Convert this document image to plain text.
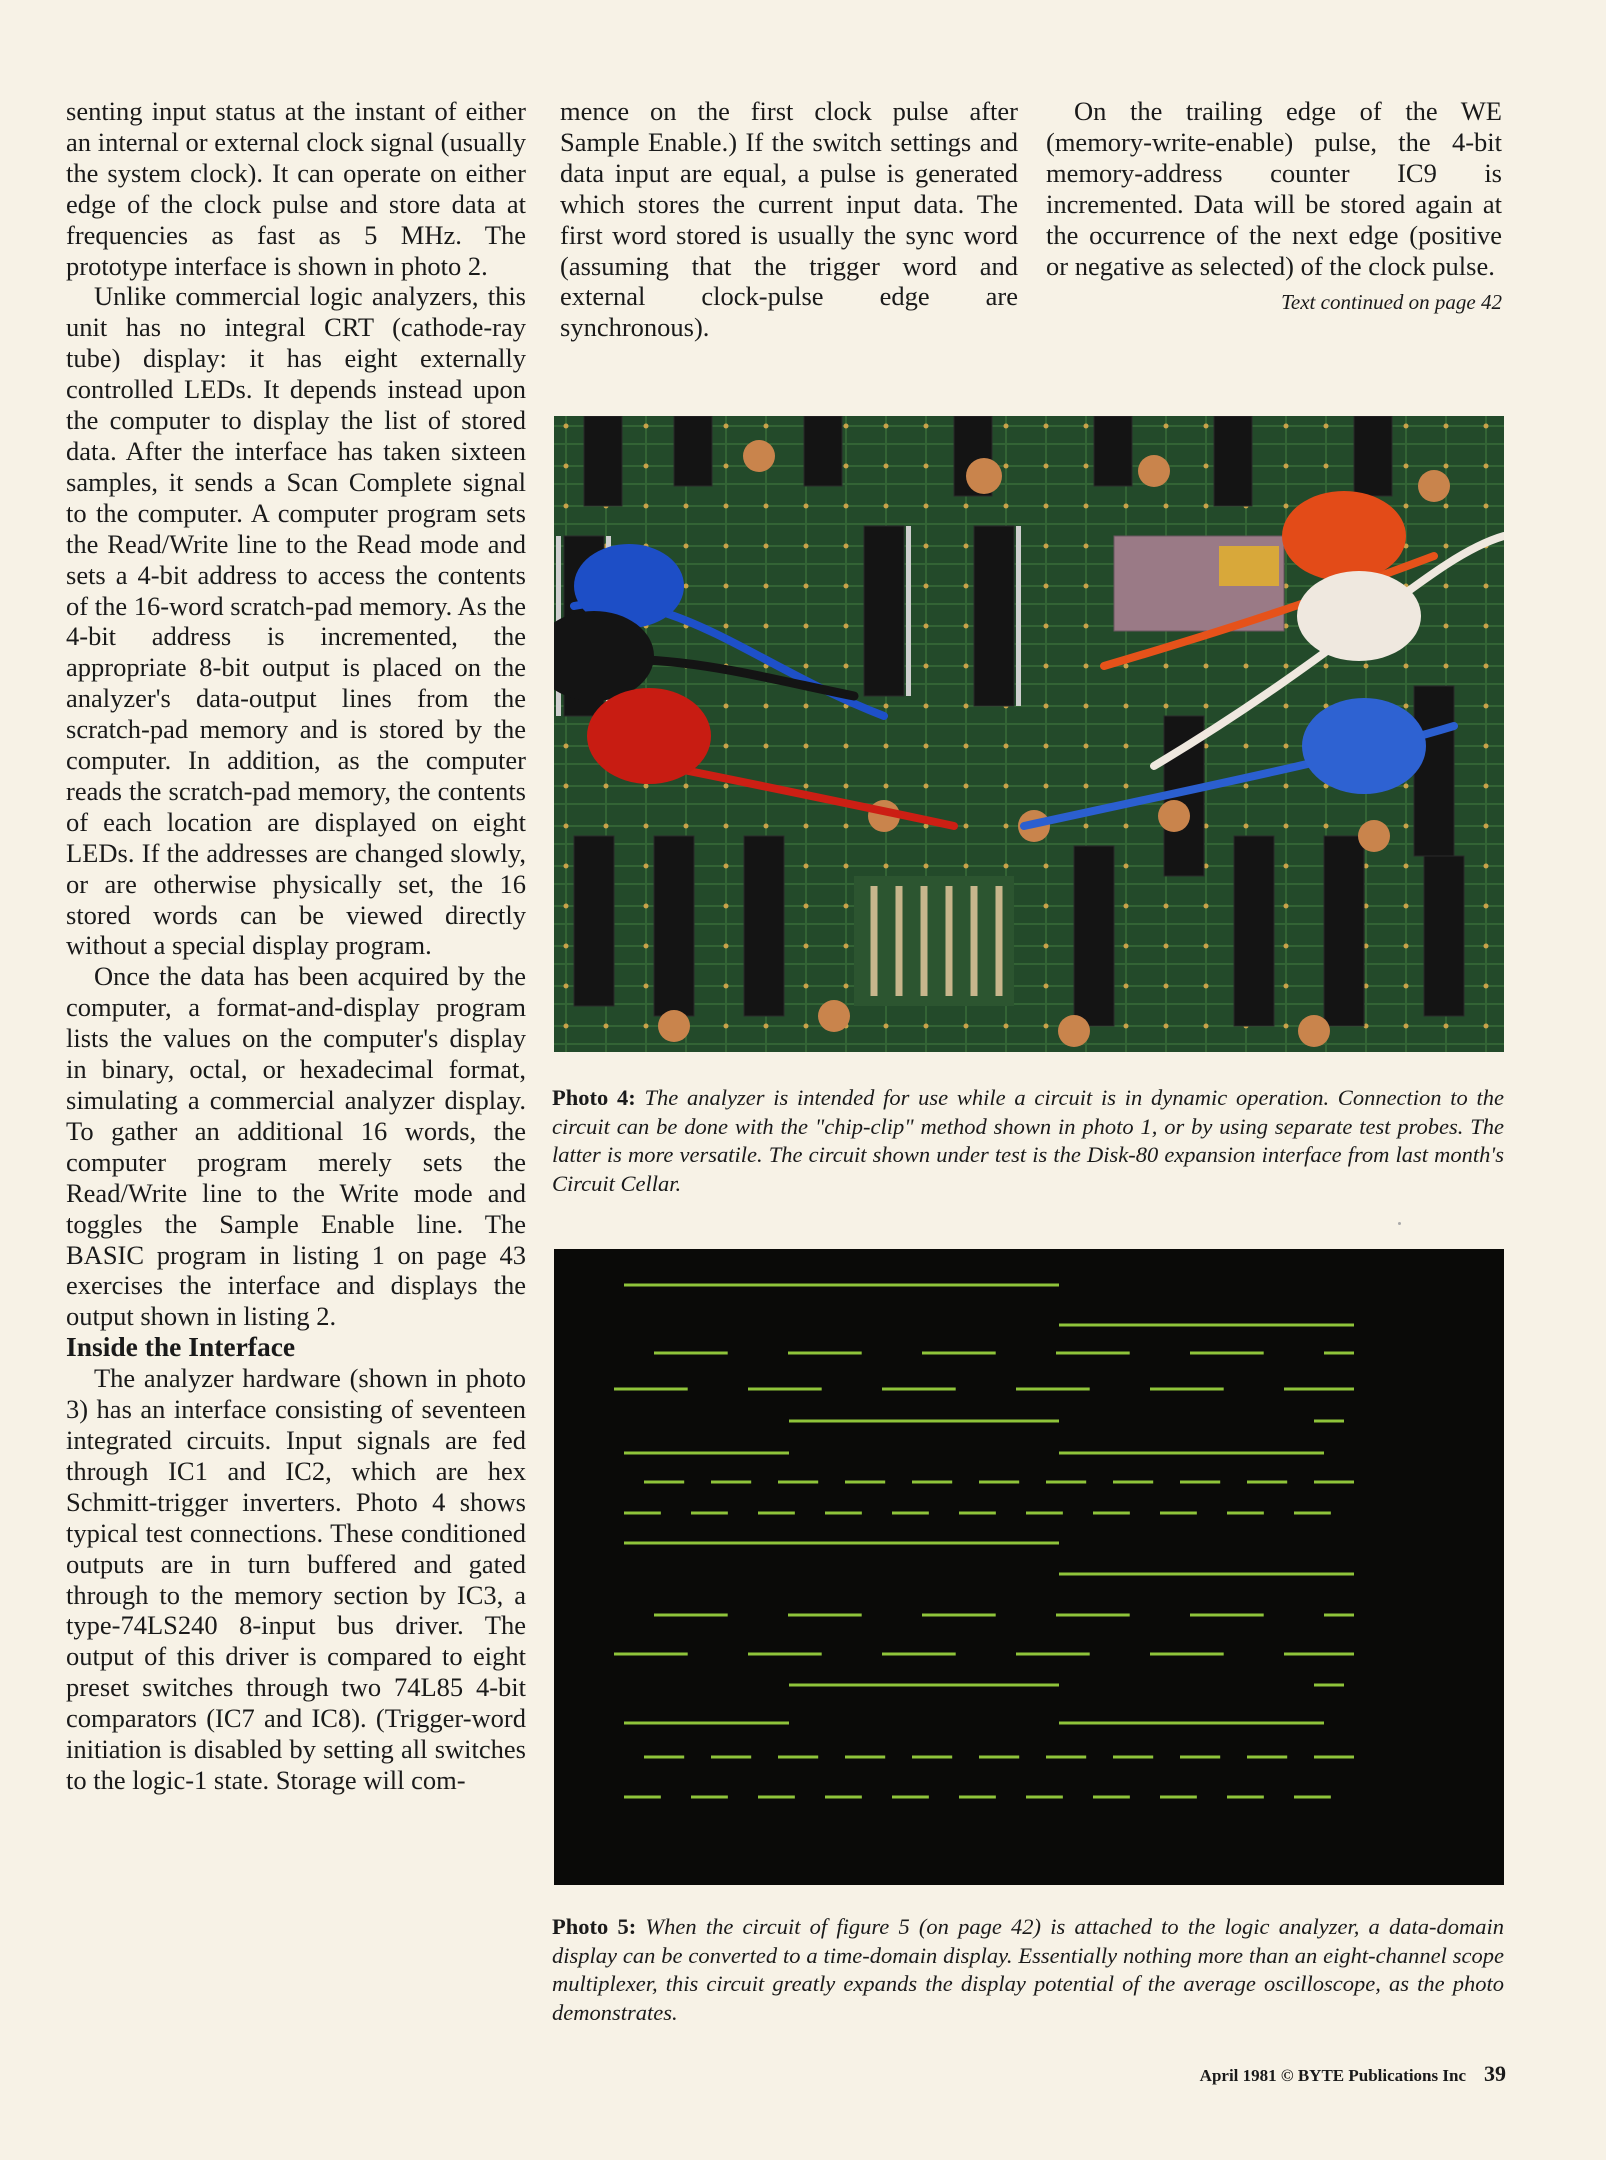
senting input status at the instant of either an internal or external clock signal (usually the system clock). It can operate on either edge of the clock pulse and store data at frequencies as fast as 5 MHz. The prototype interface is shown in photo 2.

Unlike commercial logic analyzers, this unit has no integral CRT (cathode-ray tube) display: it has eight externally controlled LEDs. It depends instead upon the computer to display the list of stored data. After the interface has taken sixteen samples, it sends a Scan Complete signal to the computer. A computer program sets the Read/Write line to the Read mode and sets a 4-bit address to access the contents of the 16-word scratch-pad memory. As the 4-bit address is incremented, the appropriate 8-bit output is placed on the analyzer's data-output lines from the scratch-pad memory and is stored by the computer. In addition, as the computer reads the scratch-pad memory, the contents of each location are displayed on eight LEDs. If the addresses are changed slowly, or are otherwise physically set, the 16 stored words can be viewed directly without a special display program.

Once the data has been acquired by the computer, a format-and-display program lists the values on the computer's display in binary, octal, or hexadecimal format, simulating a commercial analyzer display. To gather an additional 16 words, the computer program merely sets the Read/Write line to the Write mode and toggles the Sample Enable line. The BASIC program in listing 1 on page 43 exercises the interface and displays the output shown in listing 2.

Inside the Interface

The analyzer hardware (shown in photo 3) has an interface consisting of seventeen integrated circuits. Input signals are fed through IC1 and IC2, which are hex Schmitt-trigger inverters. Photo 4 shows typical test connections. These conditioned outputs are in turn buffered and gated through to the memory section by IC3, a type-74LS240 8-input bus driver. The output of this driver is compared to eight preset switches through two 74L85 4-bit comparators (IC7 and IC8). (Trigger-word initiation is disabled by setting all switches to the logic-1 state. Storage will com-

mence on the first clock pulse after Sample Enable.) If the switch settings and data input are equal, a pulse is generated which stores the current input data. The first word stored is usually the sync word (assuming that the trigger word and external clock-pulse edge are synchronous).

On the trailing edge of the WE (memory-write-enable) pulse, the 4-bit memory-address counter IC9 is incremented. Data will be stored again at the occurrence of the next edge (positive or negative as selected) of the clock pulse.

Text continued on page 42

Photo 4: The analyzer is intended for use while a circuit is in dynamic operation. Connection to the circuit can be done with the "chip-clip" method shown in photo 1, or by using separate test probes. The latter is more versatile. The circuit shown under test is the Disk-80 expansion interface from last month's Circuit Cellar.
Photo 5: When the circuit of figure 5 (on page 42) is attached to the logic analyzer, a data-domain display can be converted to a time-domain display. Essentially nothing more than an eight-channel scope multiplexer, this circuit greatly expands the display potential of the average oscilloscope, as the photo demonstrates.
April 1981 © BYTE Publications Inc 39
